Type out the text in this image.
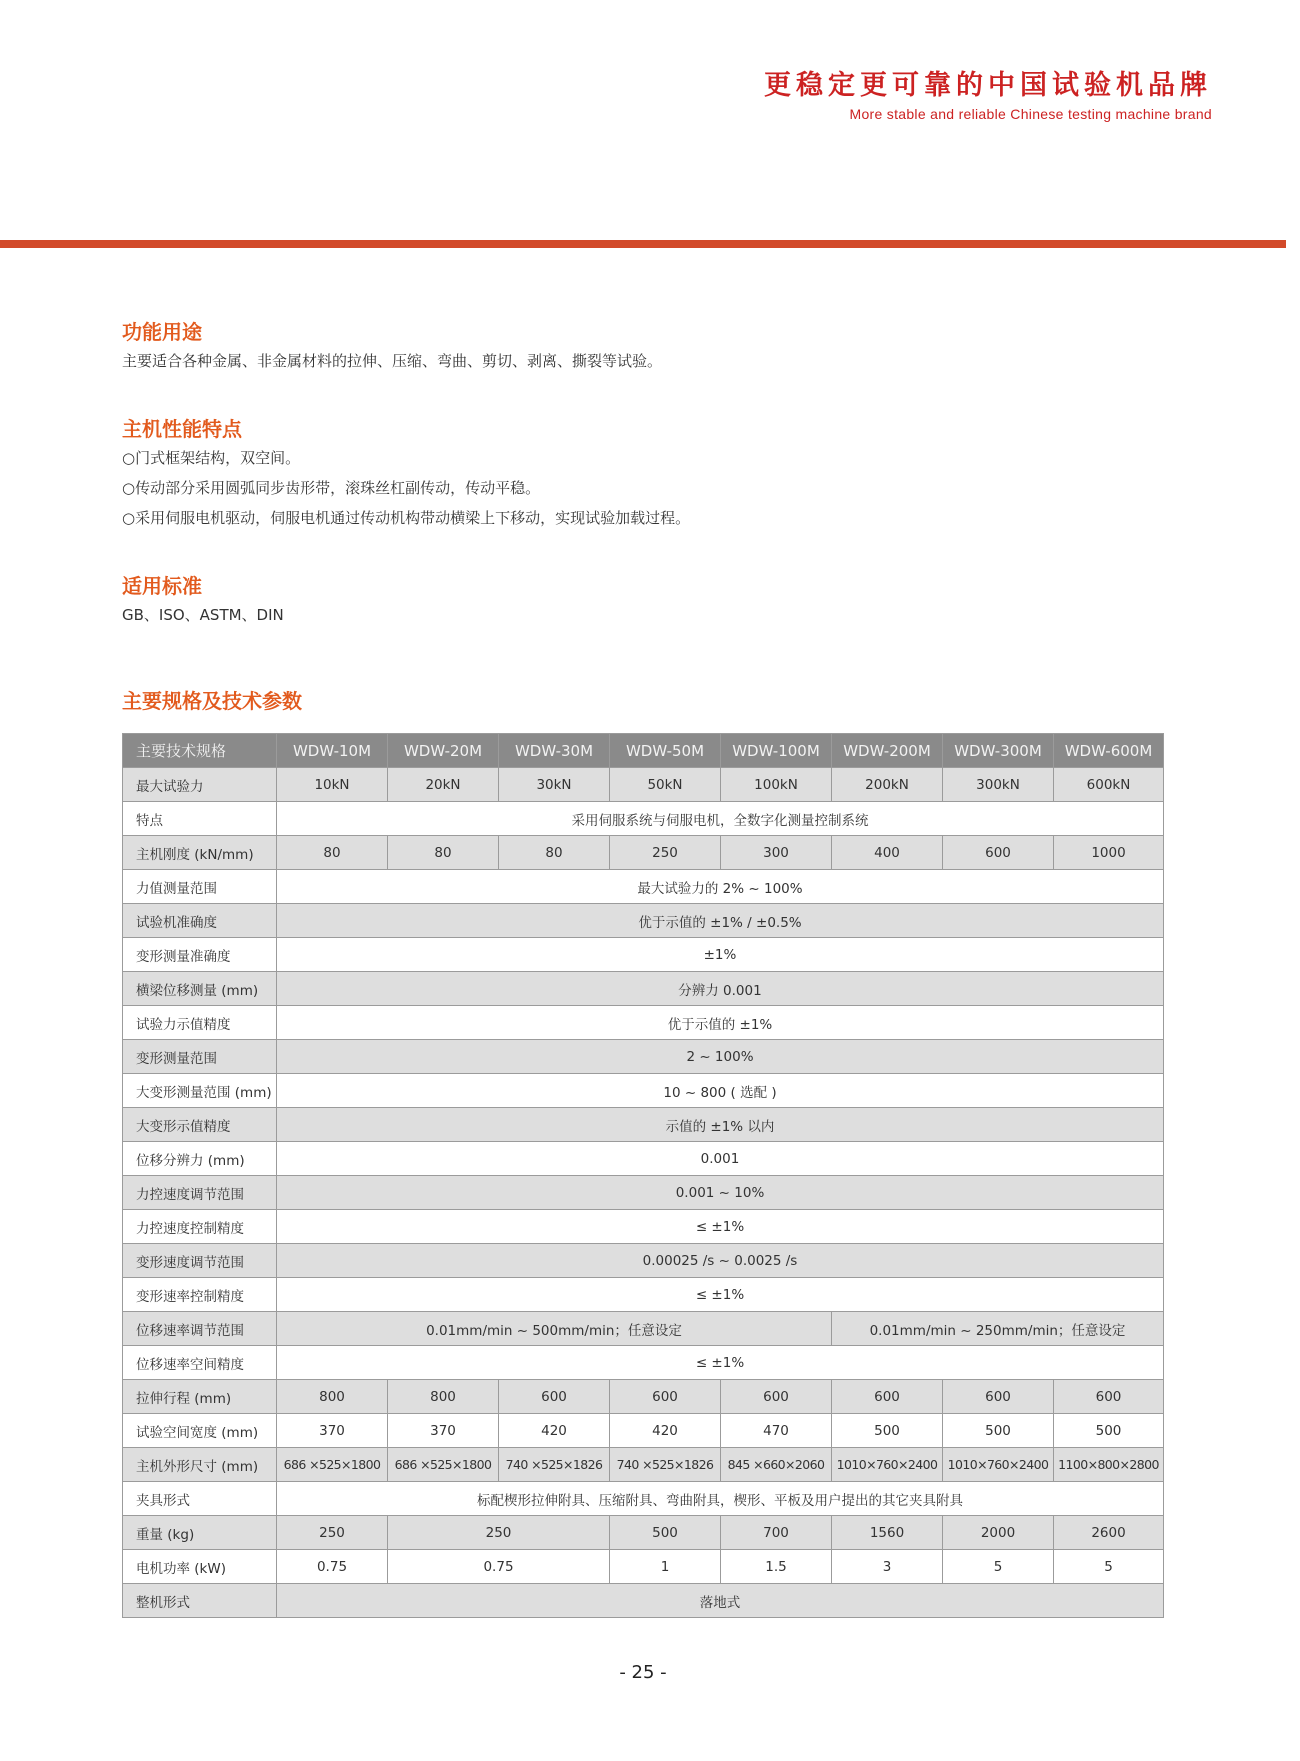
更稳定更可靠的中国试验机品牌
More stable and reliable Chinese testing machine brand

功能用途

主要适合各种金属、非金属材料的拉伸、压缩、弯曲、剪切、剥离、撕裂等试验。

主机性能特点

○门式框架结构，双空间。

○传动部分采用圆弧同步齿形带，滚珠丝杠副传动，传动平稳。

○采用伺服电机驱动，伺服电机通过传动机构带动横梁上下移动，实现试验加载过程。

适用标准

GB、ISO、ASTM、DIN

主要规格及技术参数

主要技术规格	WDW-10M	WDW-20M	WDW-30M	WDW-50M	WDW-100M	WDW-200M	WDW-300M	WDW-600M
最大试验力	10kN	20kN	30kN	50kN	100kN	200kN	300kN	600kN
特点	采用伺服系统与伺服电机，全数字化测量控制系统							
主机刚度 (kN/mm)	80	80	80	250	300	400	600	1000
力值测量范围	最大试验力的 2% ~ 100%							
试验机准确度	优于示值的 ±1% / ±0.5%							
变形测量准确度	±1%							
横梁位移测量 (mm)	分辨力 0.001							
试验力示值精度	优于示值的 ±1%							
变形测量范围	2 ~ 100%							
大变形测量范围 (mm)	10 ~ 800 ( 选配 )							
大变形示值精度	示值的 ±1% 以内							
位移分辨力 (mm)	0.001							
力控速度调节范围	0.001 ~ 10%							
力控速度控制精度	≤ ±1%							
变形速度调节范围	0.00025 /s ~ 0.0025 /s							
变形速率控制精度	≤ ±1%							
位移速率调节范围	0.01mm/min ~ 500mm/min；任意设定					0.01mm/min ~ 250mm/min；任意设定		
位移速率空间精度	≤ ±1%							
拉伸行程 (mm)	800	800	600	600	600	600	600	600
试验空间宽度 (mm)	370	370	420	420	470	500	500	500
主机外形尺寸 (mm)	686 ×525×1800	686 ×525×1800	740 ×525×1826	740 ×525×1826	845 ×660×2060	1010×760×2400	1010×760×2400	1100×800×2800
夹具形式	标配楔形拉伸附具、压缩附具、弯曲附具，楔形、平板及用户提出的其它夹具附具							
重量 (kg)	250	250		500	700	1560	2000	2600
电机功率 (kW)	0.75	0.75		1	1.5	3	5	5
整机形式	落地式							
- 25 -
